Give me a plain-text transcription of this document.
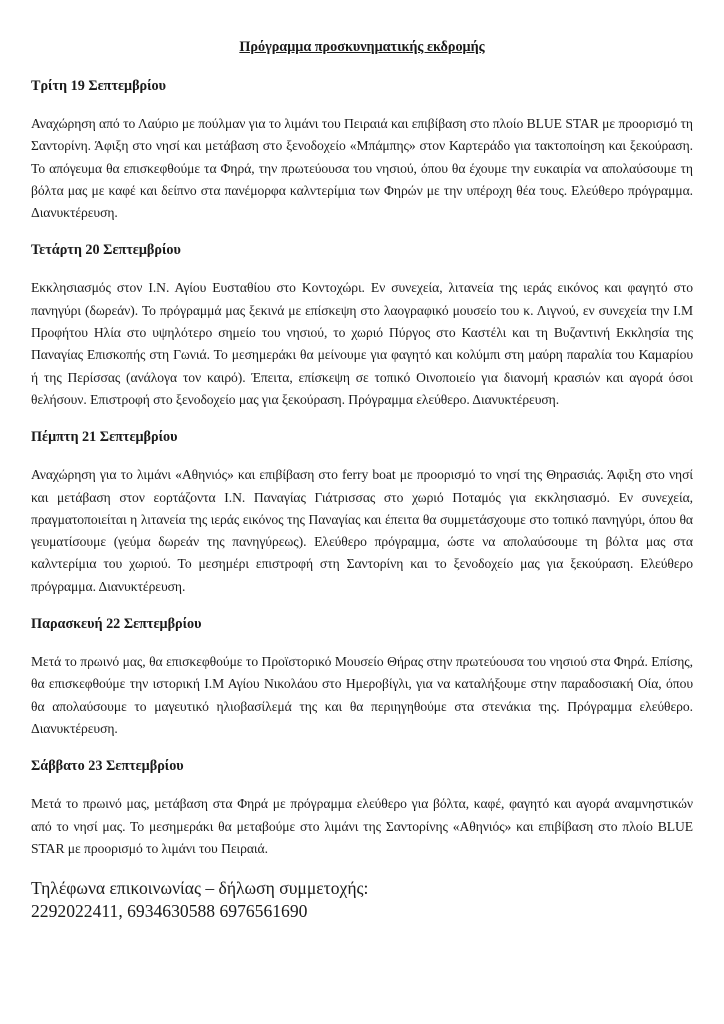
Πρόγραμμα προσκυνηματικής εκδρομής
Τρίτη 19 Σεπτεμβρίου

Αναχώρηση από το Λαύριο με πούλμαν για το λιμάνι του Πειραιά και επιβίβαση στο πλοίο BLUE STAR με προορισμό τη Σαντορίνη. Άφιξη στο νησί και μετάβαση στο ξενοδοχείο «Μπάμπης» στον Καρτεράδο για τακτοποίηση και ξεκούραση. Το απόγευμα θα επισκεφθούμε τα Φηρά, την πρωτεύουσα του νησιού, όπου θα έχουμε την ευκαιρία να απολαύσουμε τη βόλτα μας με καφέ και δείπνο στα πανέμορφα καλντερίμια των Φηρών με την υπέροχη θέα τους. Ελεύθερο πρόγραμμα. Διανυκτέρευση.

Τετάρτη 20 Σεπτεμβρίου

Εκκλησιασμός στον Ι.Ν. Αγίου Ευσταθίου στο Κοντοχώρι. Εν συνεχεία, λιτανεία της ιεράς εικόνος και φαγητό στο πανηγύρι (δωρεάν). Το πρόγραμμά μας ξεκινά με επίσκεψη στο λαογραφικό μουσείο του κ. Λιγνού, εν συνεχεία την Ι.Μ Προφήτου Ηλία στο υψηλότερο σημείο του νησιού, το χωριό Πύργος στο Καστέλι και τη Βυζαντινή Εκκλησία της Παναγίας Επισκοπής στη Γωνιά. Το μεσημεράκι θα μείνουμε για φαγητό και κολύμπι στη μαύρη παραλία του Καμαρίου ή της Περίσσας (ανάλογα τον καιρό). Έπειτα, επίσκεψη σε τοπικό Οινοποιείο για διανομή κρασιών και αγορά όσοι θελήσουν. Επιστροφή στο ξενοδοχείο μας για ξεκούραση. Πρόγραμμα ελεύθερο. Διανυκτέρευση.

Πέμπτη 21 Σεπτεμβρίου

Αναχώρηση για το λιμάνι «Αθηνιός» και επιβίβαση στο ferry boat με προορισμό το νησί της Θηρασιάς. Άφιξη στο νησί και μετάβαση στον εορτάζοντα Ι.Ν. Παναγίας Γιάτρισσας στο χωριό Ποταμός για εκκλησιασμό. Εν συνεχεία, πραγματοποιείται η λιτανεία της ιεράς εικόνος της Παναγίας και έπειτα θα συμμετάσχουμε στο τοπικό πανηγύρι, όπου θα γευματίσουμε (γεύμα δωρεάν της πανηγύρεως). Ελεύθερο πρόγραμμα, ώστε να απολαύσουμε τη βόλτα μας στα καλντερίμια του χωριού. Το μεσημέρι επιστροφή στη Σαντορίνη και το ξενοδοχείο μας για ξεκούραση. Ελεύθερο πρόγραμμα. Διανυκτέρευση.

Παρασκευή 22 Σεπτεμβρίου

Μετά το πρωινό μας, θα επισκεφθούμε το Προϊστορικό Μουσείο Θήρας στην πρωτεύουσα του νησιού στα Φηρά. Επίσης, θα επισκεφθούμε την ιστορική Ι.Μ Αγίου Νικολάου στο Ημεροβίγλι, για να καταλήξουμε στην παραδοσιακή Οία, όπου θα απολαύσουμε το μαγευτικό ηλιοβασίλεμά της και θα περιηγηθούμε στα στενάκια της. Πρόγραμμα ελεύθερο. Διανυκτέρευση.

Σάββατο 23 Σεπτεμβρίου

Μετά το πρωινό μας, μετάβαση στα Φηρά με πρόγραμμα ελεύθερο για βόλτα, καφέ, φαγητό και αγορά αναμνηστικών από το νησί μας. Το μεσημεράκι θα μεταβούμε στο λιμάνι της Σαντορίνης «Αθηνιός» και επιβίβαση στο πλοίο BLUE STAR με προορισμό το λιμάνι του Πειραιά.

Τηλέφωνα επικοινωνίας – δήλωση συμμετοχής:

2292022411, 6934630588 6976561690
